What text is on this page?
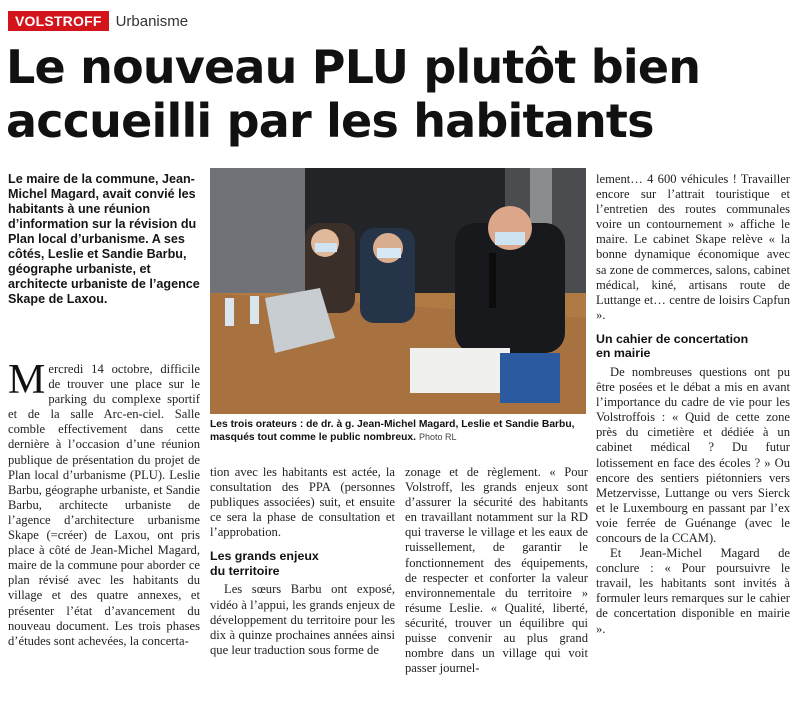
VOLSTROFF Urbanisme
Le nouveau PLU plutôt bien
accueilli par les habitants
Le maire de la commune, Jean-Michel Magard, avait convié les habitants à une réunion d’information sur la révision du Plan local d’urbanisme. A ses côtés, Leslie et Sandie Barbu, géographe urbaniste, et architecte urbaniste de l’agence Skape de Laxou.

Mercredi 14 octobre, difficile de trouver une place sur le parking du complexe sportif et de la salle Arc-en-ciel. Salle comble effectivement dans cette dernière à l’occasion d’une réunion publique de présentation du projet de Plan local d’urbanisme (PLU). Leslie Barbu, géographe urbaniste, et Sandie Barbu, architecte urbaniste de l’agence d’architecture urbanisme Skape (=créer) de Laxou, ont pris place à côté de Jean-Michel Magard, maire de la commune pour aborder ce plan révisé avec les habitants du village et des quatre annexes, et présenter l’état d’avancement du nouveau document. Les trois phases d’études sont achevées, la concerta-

Les trois orateurs : de dr. à g. Jean-Michel Magard, Leslie et Sandie Barbu, masqués tout comme le public nombreux. Photo RL

tion avec les habitants est actée, la consultation des PPA (personnes publiques associées) suit, et ensuite ce sera la phase de consultation et l’approbation.

Les grands enjeux
du territoire

Les sœurs Barbu ont exposé, vidéo à l’appui, les grands enjeux de développement du territoire pour les dix à quinze prochaines années ainsi que leur traduction sous forme de

zonage et de règlement. « Pour Volstroff, les grands enjeux sont d’assurer la sécurité des habitants en travaillant notamment sur la RD qui traverse le village et les eaux de ruissellement, de garantir le fonctionnement des équipements, de respecter et conforter la valeur environnementale du territoire » résume Leslie. « Qualité, liberté, sécurité, trouver un équilibre qui puisse convenir au plus grand nombre dans un village qui voit passer journel-

lement… 4 600 véhicules ! Travailler encore sur l’attrait touristique et l’entretien des routes communales voire un contournement » affiche le maire. Le cabinet Skape relève « la bonne dynamique économique avec sa zone de commerces, salons, cabinet médical, kiné, artisans route de Luttange et… centre de loisirs Capfun ».

Un cahier de concertation
en mairie

De nombreuses questions ont pu être posées et le débat a mis en avant l’importance du cadre de vie pour les Volstroffois : « Quid de cette zone près du cimetière et dédiée à un cabinet médical ? Du futur lotissement en face des écoles ? » Ou encore des sentiers piétonniers vers Metzervisse, Luttange ou vers Sierck et le Luxembourg en passant par l’ex voie ferrée de Guénange (avec le concours de la CCAM).

Et Jean-Michel Magard de conclure : « Pour poursuivre le travail, les habitants sont invités à formuler leurs remarques sur le cahier de concertation disponible en mairie ».
